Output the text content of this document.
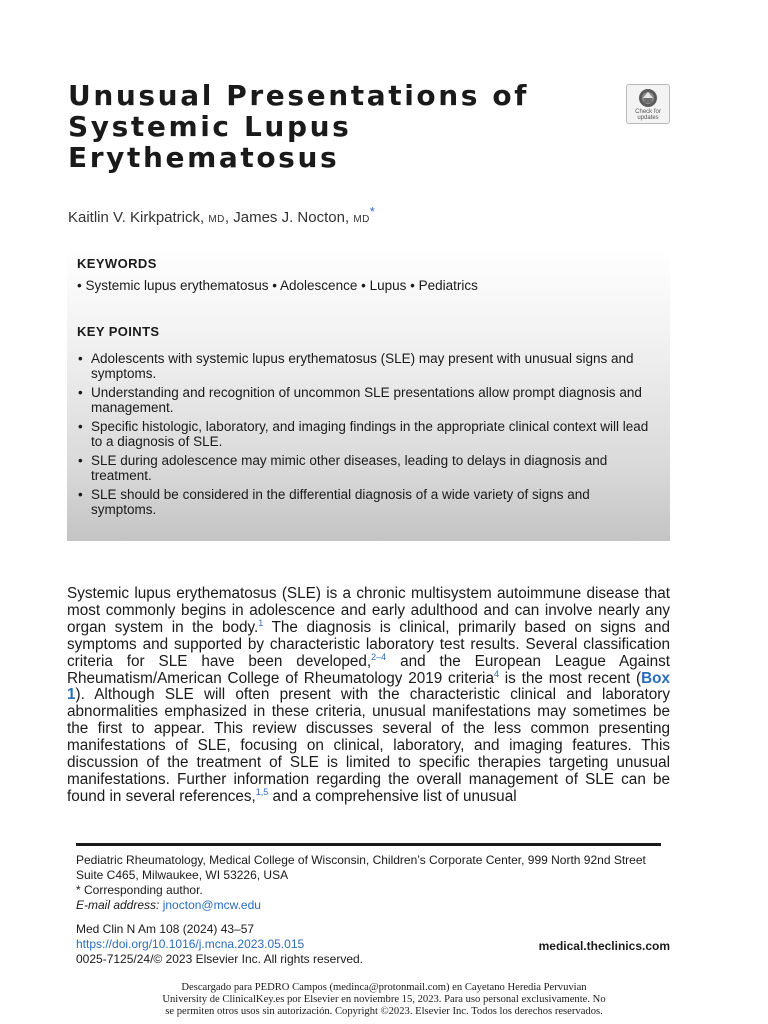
Unusual Presentations of
Systemic Lupus
Erythematosus
Check for
updates
Kaitlin V. Kirkpatrick, MD, James J. Nocton, MD*
KEYWORDS
• Systemic lupus erythematosus • Adolescence • Lupus • Pediatrics
KEY POINTS
• Adolescents with systemic lupus erythematosus (SLE) may present with unusual signs and symptoms.
• Understanding and recognition of uncommon SLE presentations allow prompt diagnosis and management.
• Specific histologic, laboratory, and imaging findings in the appropriate clinical context will lead to a diagnosis of SLE.
• SLE during adolescence may mimic other diseases, leading to delays in diagnosis and treatment.
• SLE should be considered in the differential diagnosis of a wide variety of signs and symptoms.

Systemic lupus erythematosus (SLE) is a chronic multisystem autoimmune disease that most commonly begins in adolescence and early adulthood and can involve nearly any organ system in the body.$^1$ The diagnosis is clinical, primarily based on signs and symptoms and supported by characteristic laboratory test results. Several classification criteria for SLE have been developed,$^{2-4}$ and the European League Against Rheumatism/American College of Rheumatology 2019 criteria$^4$ is the most recent (Box 1). Although SLE will often present with the characteristic clinical and laboratory abnormalities emphasized in these criteria, unusual manifestations may sometimes be the first to appear. This review discusses several of the less common presenting manifestations of SLE, focusing on clinical, laboratory, and imaging features. This discussion of the treatment of SLE is limited to specific therapies targeting unusual manifestations. Further information regarding the overall management of SLE can be found in several references,$^{1,5}$ and a comprehensive list of unusual

Pediatric Rheumatology, Medical College of Wisconsin, Children’s Corporate Center, 999 North 92nd Street Suite C465, Milwaukee, WI 53226, USA
* Corresponding author.
E-mail address: jnocton@mcw.edu
Med Clin N Am 108 (2024) 43–57
https://doi.org/10.1016/j.mcna.2023.05.015
0025-7125/24/© 2023 Elsevier Inc. All rights reserved.
medical.theclinics.com
Descargado para PEDRO Campos (medinca@protonmail.com) en Cayetano Heredia Pervuvian
University de ClinicalKey.es por Elsevier en noviembre 15, 2023. Para uso personal exclusivamente. No
se permiten otros usos sin autorización. Copyright ©2023. Elsevier Inc. Todos los derechos reservados.
